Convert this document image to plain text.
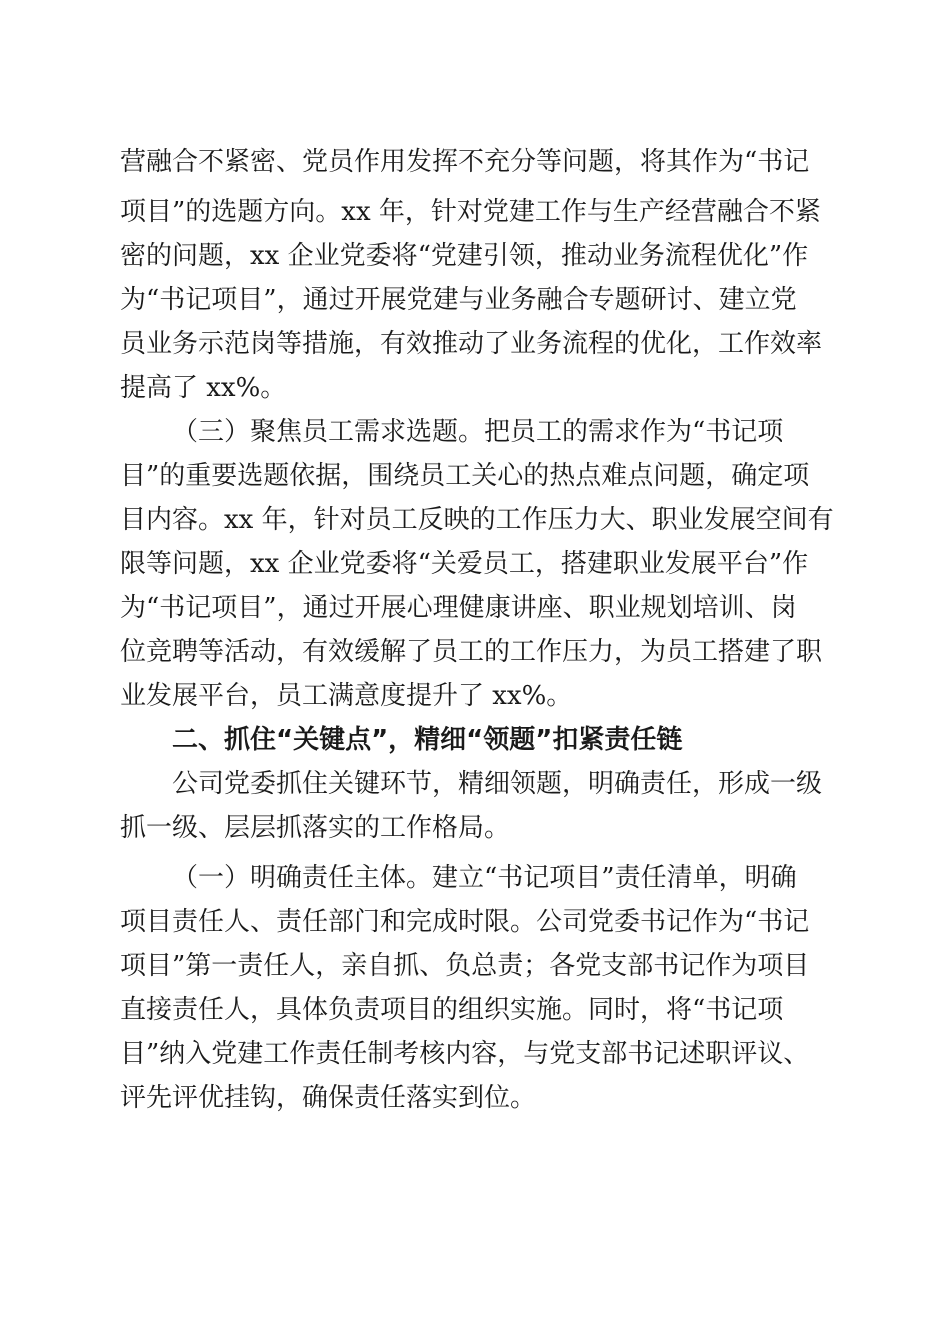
营融合不紧密、党员作用发挥不充分等问题，将其作为“书记
项目”的选题方向。xx 年，针对党建工作与生产经营融合不紧
密的问题，xx 企业党委将“党建引领，推动业务流程优化”作
为“书记项目”，通过开展党建与业务融合专题研讨、建立党
员业务示范岗等措施，有效推动了业务流程的优化，工作效率
提高了 xx%。
（三）聚焦员工需求选题。把员工的需求作为“书记项
目”的重要选题依据，围绕员工关心的热点难点问题，确定项
目内容。xx 年，针对员工反映的工作压力大、职业发展空间有
限等问题，xx 企业党委将“关爱员工，搭建职业发展平台”作
为“书记项目”，通过开展心理健康讲座、职业规划培训、岗
位竞聘等活动，有效缓解了员工的工作压力，为员工搭建了职
业发展平台，员工满意度提升了 xx%。
二、抓住“关键点”，精细“领题”扣紧责任链
公司党委抓住关键环节，精细领题，明确责任，形成一级
抓一级、层层抓落实的工作格局。
（一）明确责任主体。建立“书记项目”责任清单，明确
项目责任人、责任部门和完成时限。公司党委书记作为“书记
项目”第一责任人，亲自抓、负总责；各党支部书记作为项目
直接责任人，具体负责项目的组织实施。同时，将“书记项
目”纳入党建工作责任制考核内容，与党支部书记述职评议、
评先评优挂钩，确保责任落实到位。
